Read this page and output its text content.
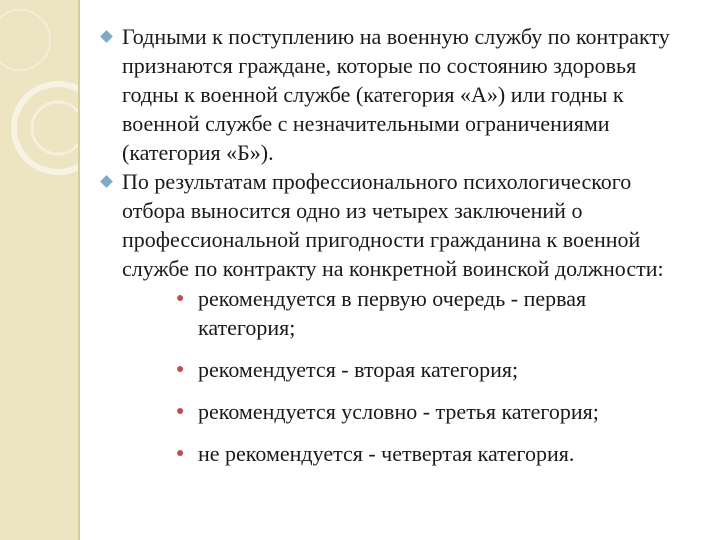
Годными к поступлению на военную службу по контракту признаются граждане, которые по состоянию здоровья годны к военной службе (категория «А») или годны к военной службе с незначительными ограничениями (категория «Б»).
По результатам профессионального психологического отбора выносится одно из четырех заключений о профессиональной пригодности гражданина к военной службе по контракту на конкретной воинской должности:
● рекомендуется в первую очередь - первая категория;
● рекомендуется - вторая категория;
● рекомендуется условно - третья категория;
● не рекомендуется - четвертая категория.
